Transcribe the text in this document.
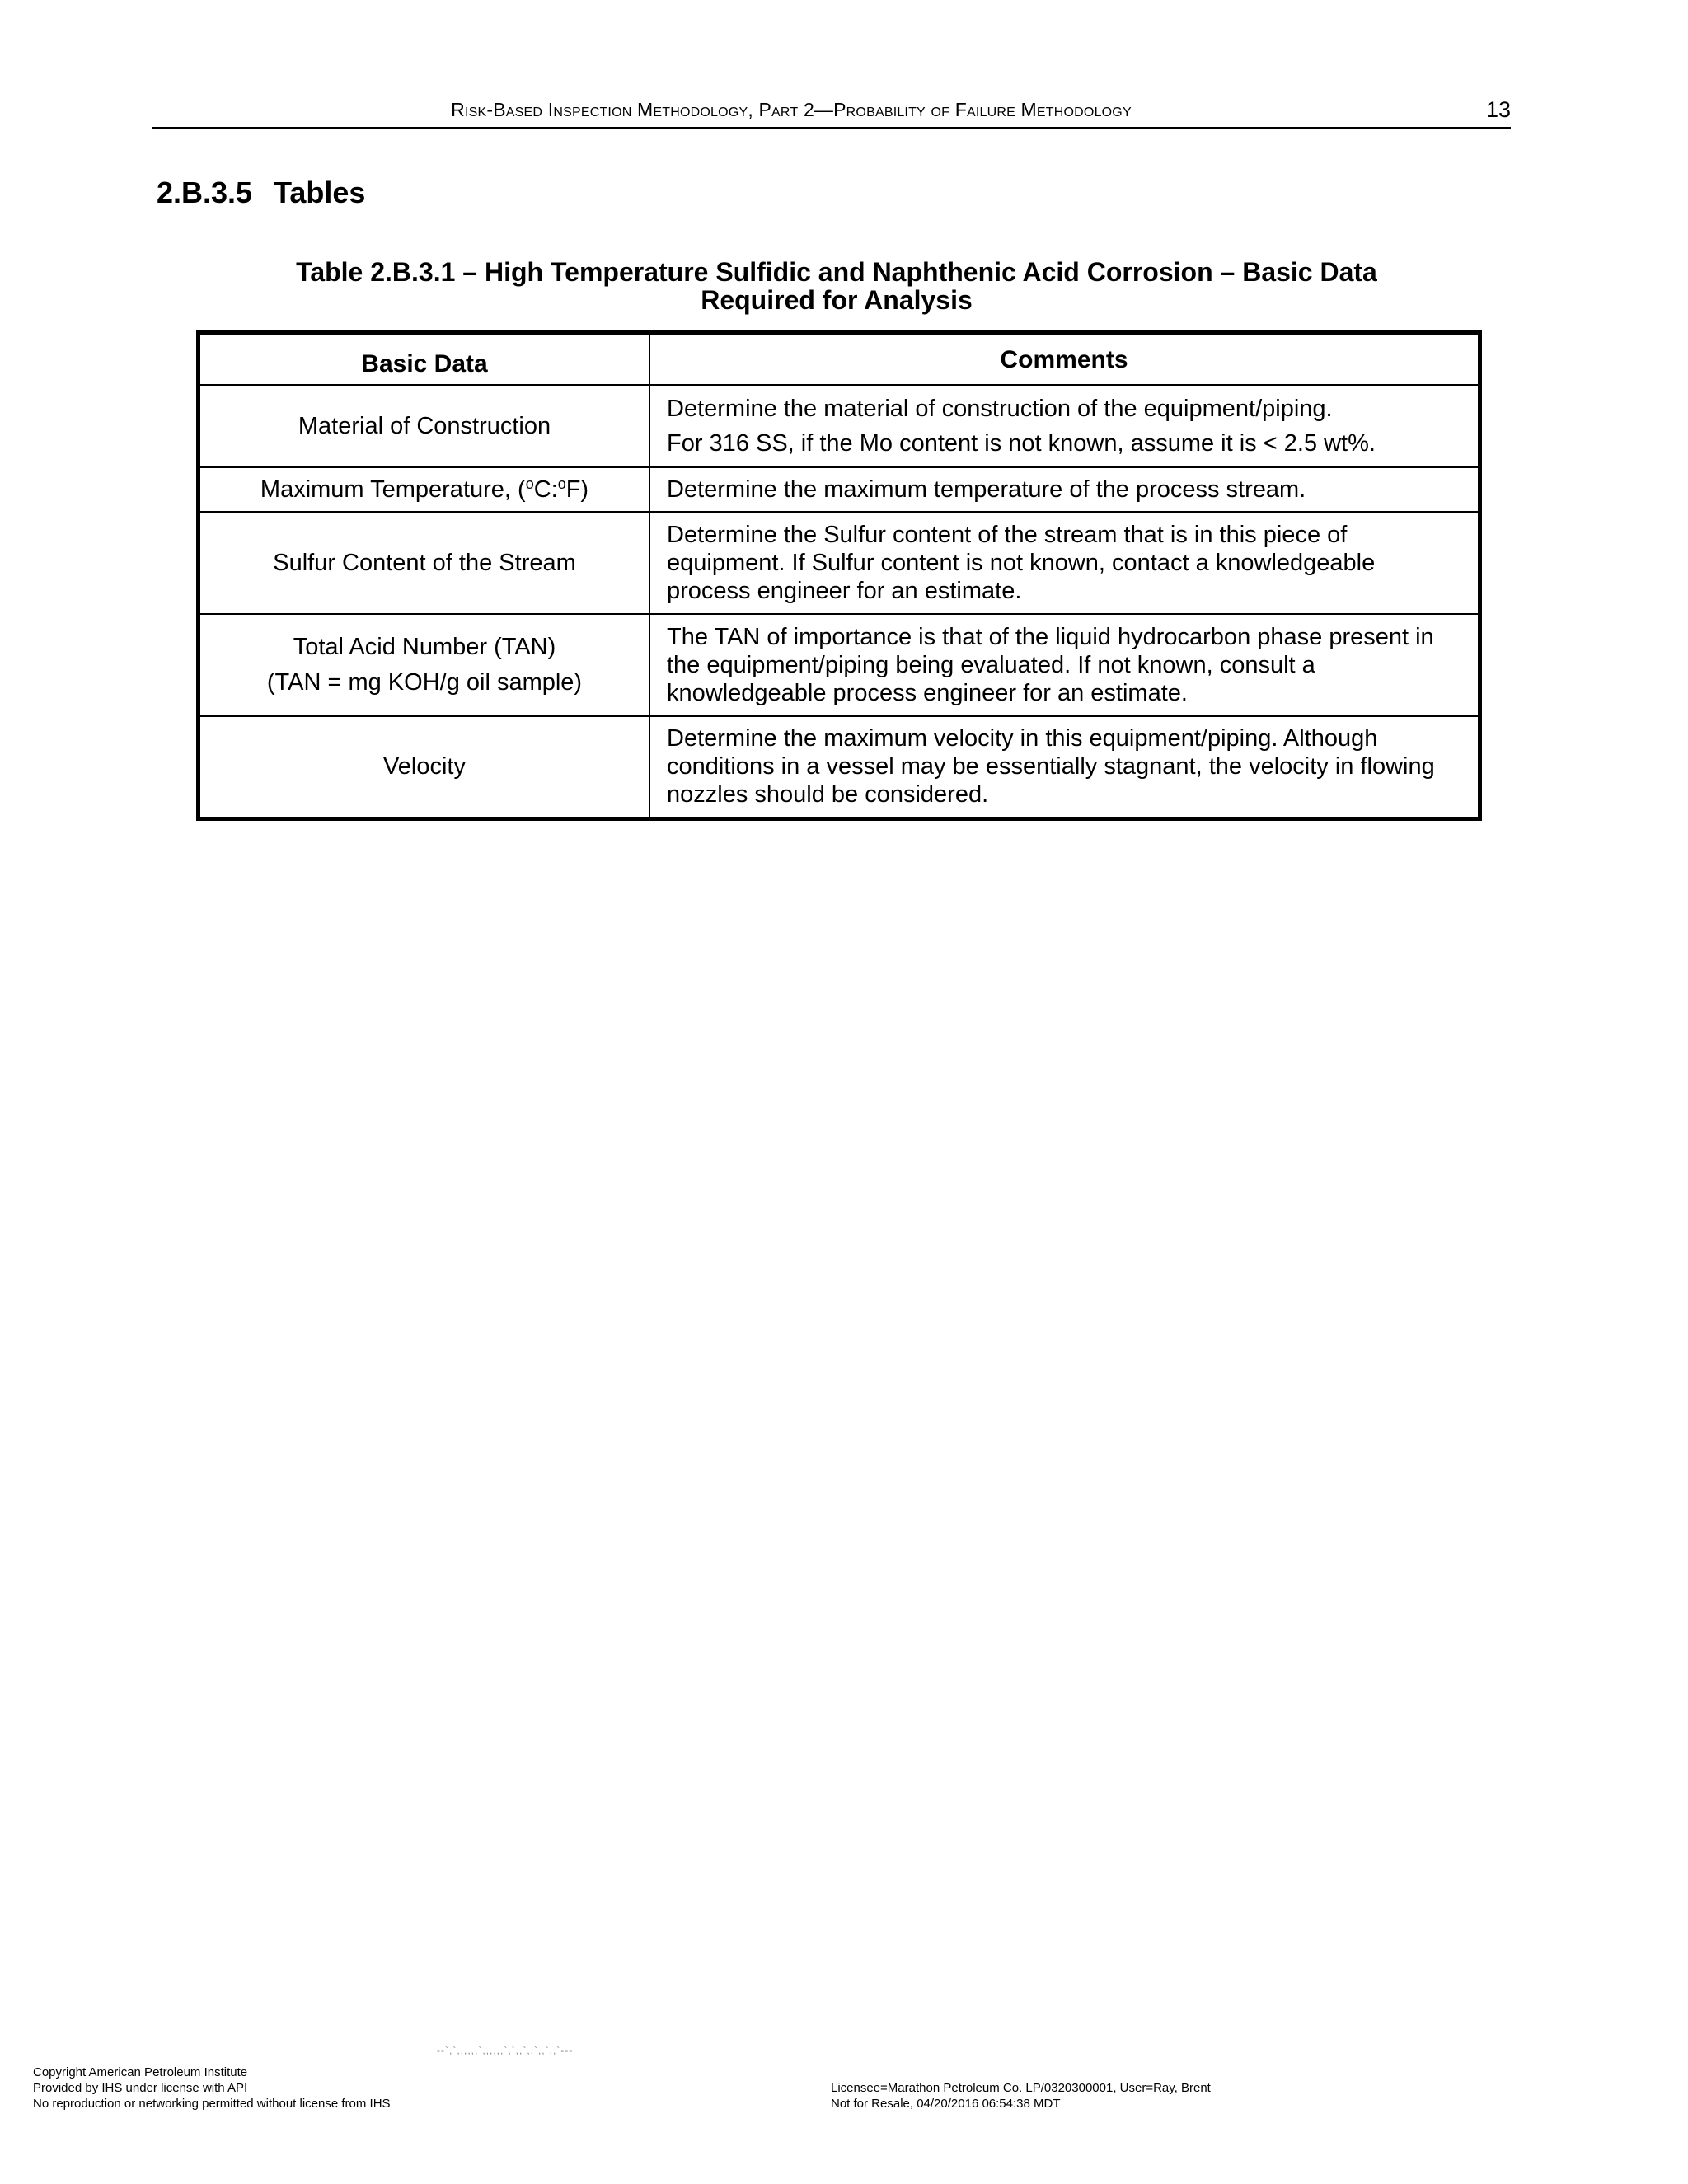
Risk-Based Inspection Methodology, Part 2—Probability of Failure Methodology	13
2.B.3.5 Tables
Table 2.B.3.1 – High Temperature Sulfidic and Naphthenic Acid Corrosion – Basic Data
Required for Analysis
Basic Data	Comments

Material of Construction	Determine the material of construction of the equipment/piping.
For 316 SS, if the Mo content is not known, assume it is < 2.5 wt%.

Maximum Temperature, ($^o$C:$^o$F)	Determine the maximum temperature of the process stream.

Sulfur Content of the Stream	Determine the Sulfur content of the stream that is in this piece of equipment. If Sulfur content is not known, contact a knowledgeable process engineer for an estimate.

Total Acid Number (TAN)
(TAN = mg KOH/g oil sample)	The TAN of importance is that of the liquid hydrocarbon phase present in the equipment/piping being evaluated. If not known, consult a knowledgeable process engineer for an estimate.

Velocity	Determine the maximum velocity in this equipment/piping. Although conditions in a vessel may be essentially stagnant, the velocity in flowing nozzles should be considered.
--`,`,,,,,,`,,,,,,`,`,,`,,`,,`,,`---
Copyright American Petroleum Institute
Provided by IHS under license with API
No reproduction or networking permitted without license from IHS
Licensee=Marathon Petroleum Co. LP/0320300001, User=Ray, Brent
Not for Resale, 04/20/2016 06:54:38 MDT
